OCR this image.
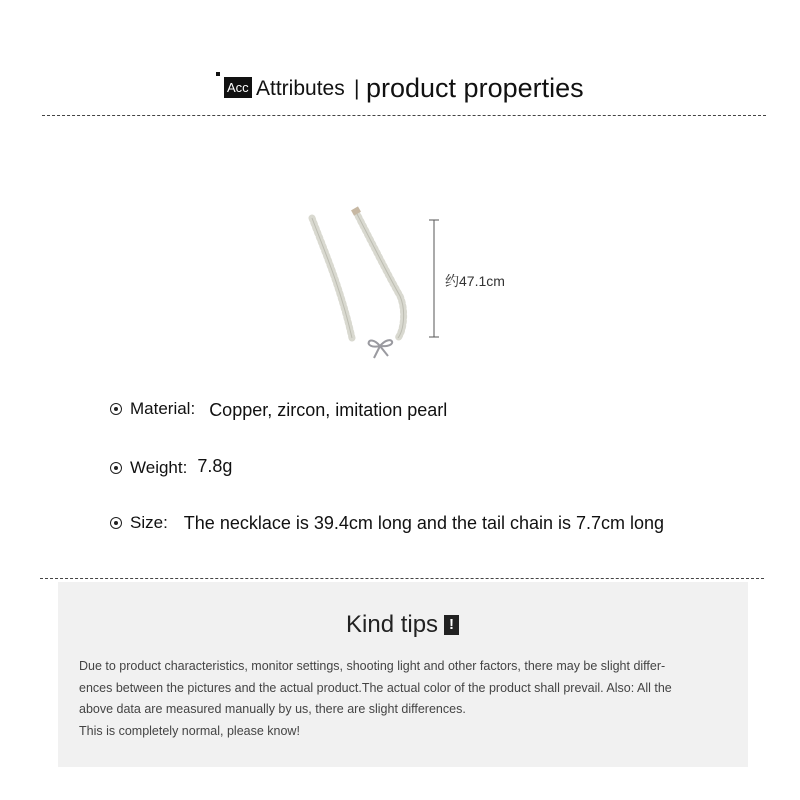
Acc Attributes | product properties
约47.1cm
Material: Copper, zircon, imitation pearl
Weight: 7.8g
Size: The necklace is 39.4cm long and the tail chain is 7.7cm long
Kind tips !
Due to product characteristics, monitor settings, shooting light and other factors, there may be slight differ-
ences between the pictures and the actual product.The actual color of the product shall prevail. Also: All the
above data are measured manually by us, there are slight differences.
This is completely normal, please know!
